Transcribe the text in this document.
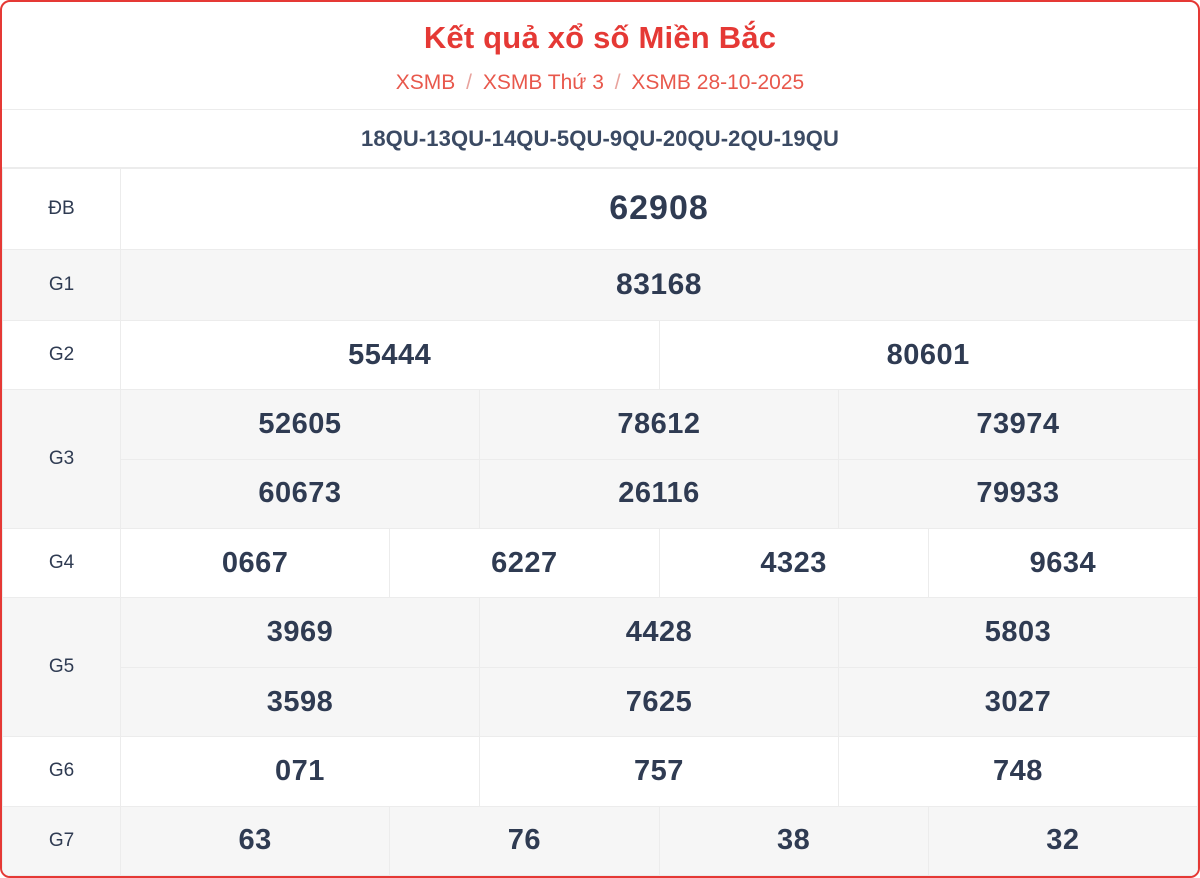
Kết quả xổ số Miền Bắc
XSMB / XSMB Thứ 3 / XSMB 28-10-2025
18QU-13QU-14QU-5QU-9QU-20QU-2QU-19QU
ĐB	62908					
G1	83168					
G2	55444			80601		
G3	52605		78612		73974	
	60673		26116		79933	
G4	0667	6227		4323		9634
G5	3969		4428		5803	
	3598		7625		3027	
G6	071		757		748	
G7	63	76		38		32
